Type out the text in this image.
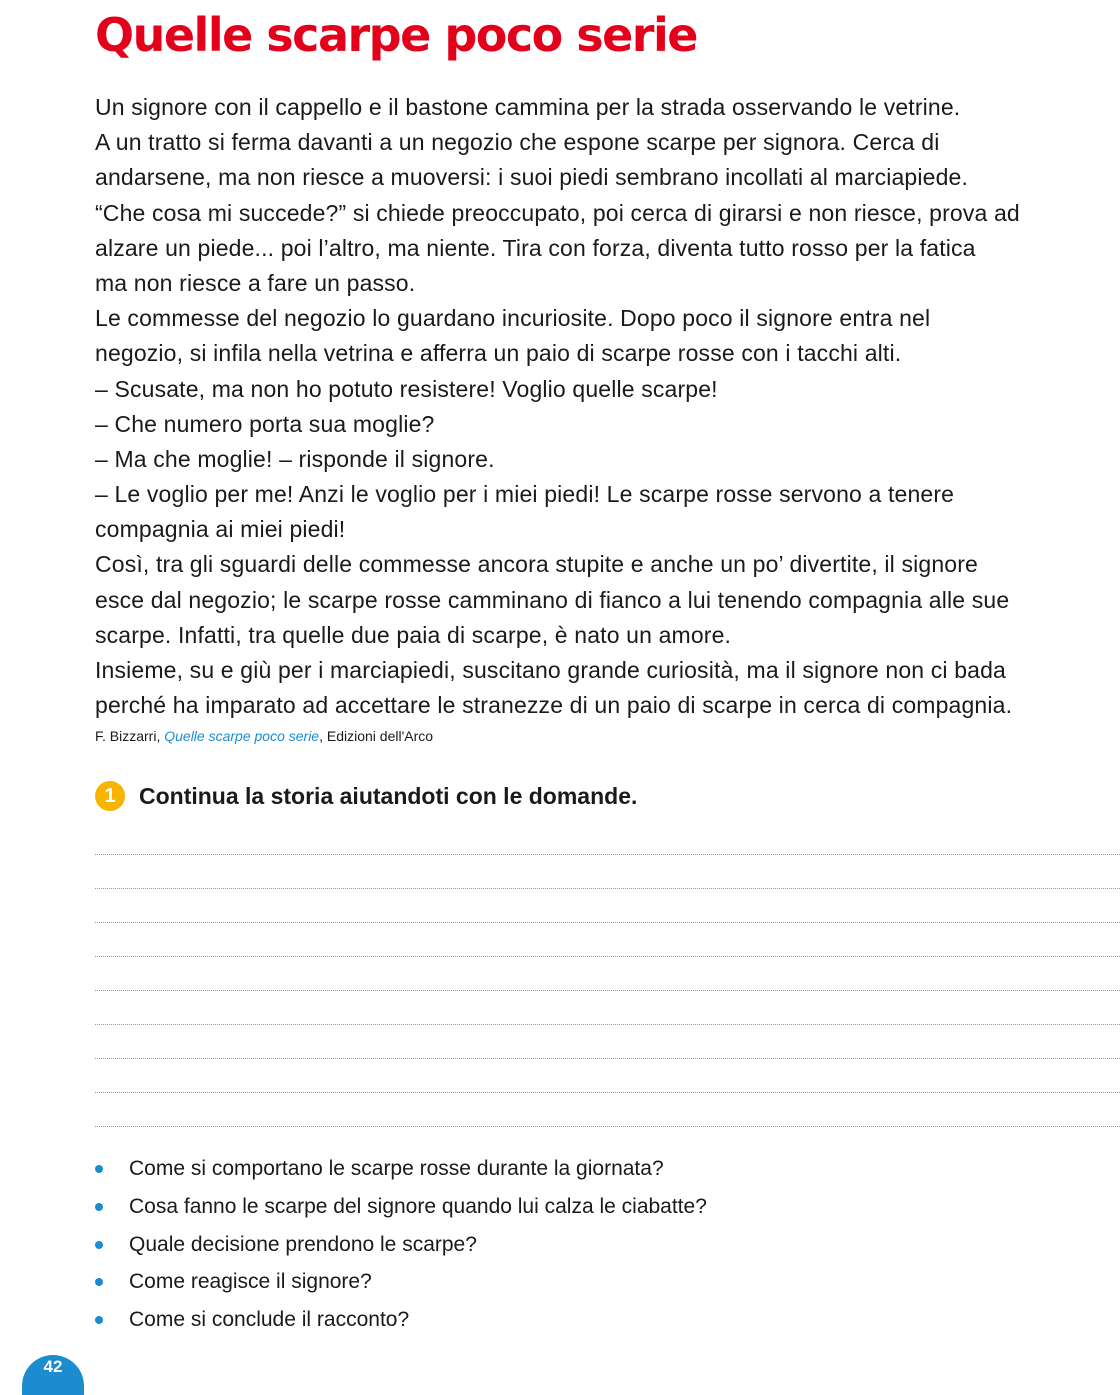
Quelle scarpe poco serie
Un signore con il cappello e il bastone cammina per la strada osservando le vetrine.
A un tratto si ferma davanti a un negozio che espone scarpe per signora. Cerca di
andarsene, ma non riesce a muoversi: i suoi piedi sembrano incollati al marciapiede.
“Che cosa mi succede?” si chiede preoccupato, poi cerca di girarsi e non riesce, prova ad
alzare un piede... poi l’altro, ma niente. Tira con forza, diventa tutto rosso per la fatica
ma non riesce a fare un passo.
Le commesse del negozio lo guardano incuriosite. Dopo poco il signore entra nel
negozio, si infila nella vetrina e afferra un paio di scarpe rosse con i tacchi alti.
– Scusate, ma non ho potuto resistere! Voglio quelle scarpe!
– Che numero porta sua moglie?
– Ma che moglie! – risponde il signore.
– Le voglio per me! Anzi le voglio per i miei piedi! Le scarpe rosse servono a tenere
compagnia ai miei piedi!
Così, tra gli sguardi delle commesse ancora stupite e anche un po’ divertite, il signore
esce dal negozio; le scarpe rosse camminano di fianco a lui tenendo compagnia alle sue
scarpe. Infatti, tra quelle due paia di scarpe, è nato un amore.
Insieme, su e giù per i marciapiedi, suscitano grande curiosità, ma il signore non ci bada
perché ha imparato ad accettare le stranezze di un paio di scarpe in cerca di compagnia.
F. Bizzarri, Quelle scarpe poco serie, Edizioni dell'Arco
1	Continua la storia aiutandoti con le domande.
Come si comportano le scarpe rosse durante la giornata?
Cosa fanno le scarpe del signore quando lui calza le ciabatte?
Quale decisione prendono le scarpe?
Come reagisce il signore?
Come si conclude il racconto?
42
